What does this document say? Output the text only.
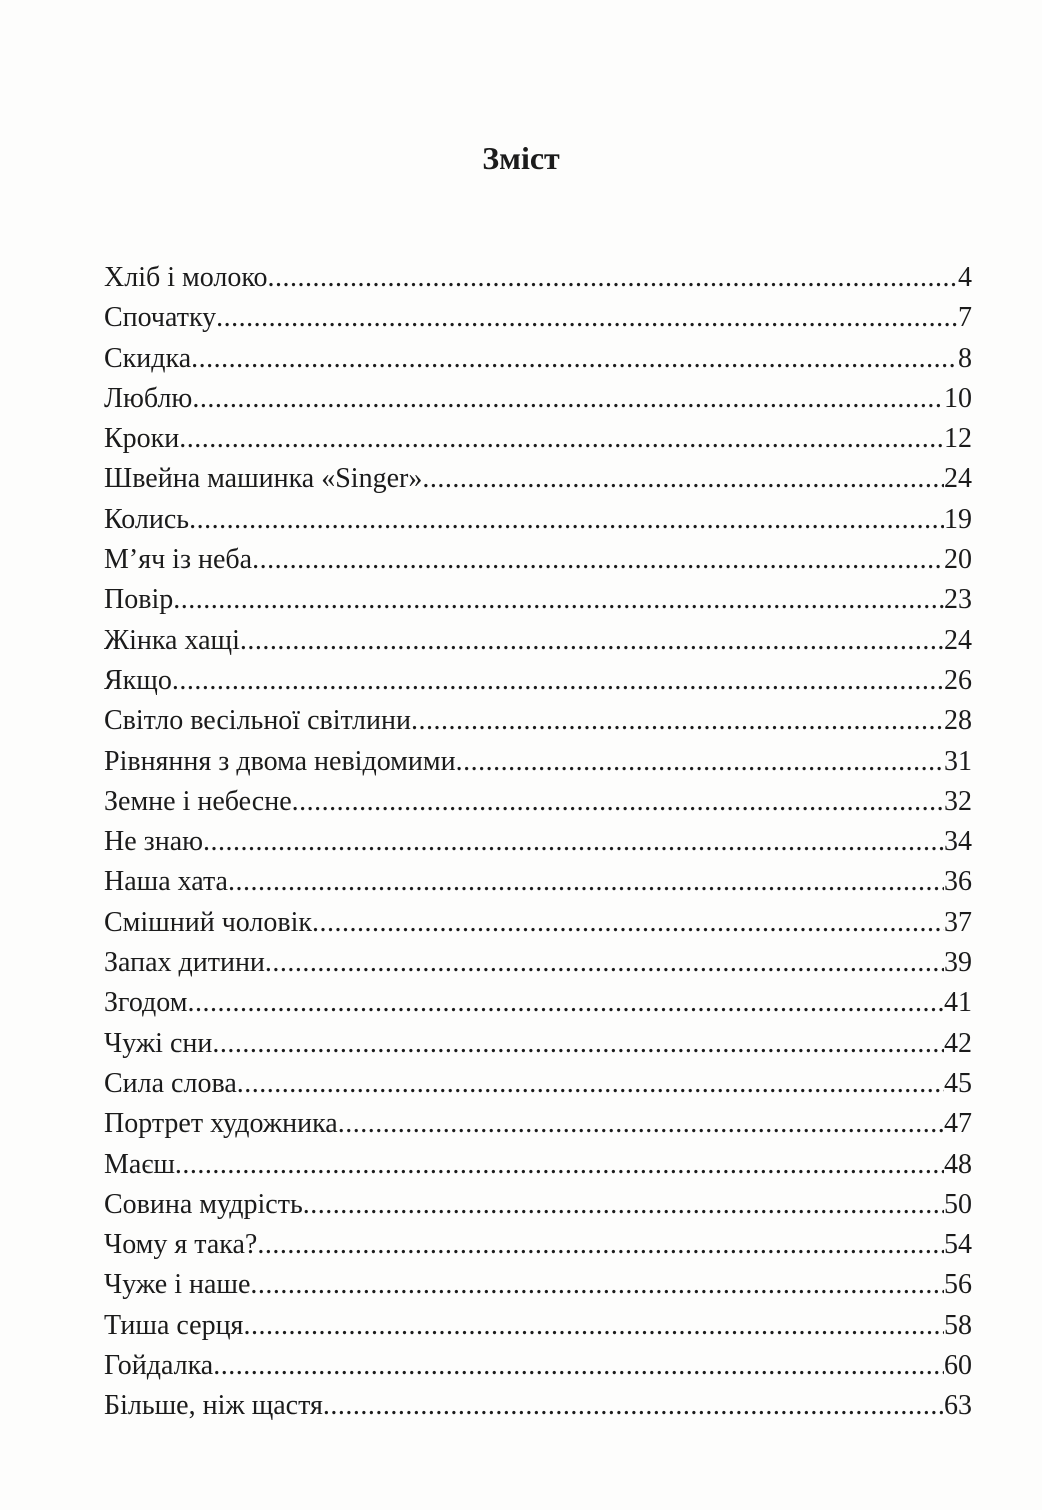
Зміст
Хліб і молоко .....	4
Спочатку .....	7
Скидка .....	8
Люблю .....	10
Кроки .....	12
Швейна машинка «Singer» .....	24
Колись .....	19
М’яч із неба .....	20
Повір .....	23
Жінка хащі .....	24
Якщо .....	26
Світло весільної світлини .....	28
Рівняння з двома невідомими .....	31
Земне і небесне .....	32
Не знаю .....	34
Наша хата .....	36
Смішний чоловік .....	37
Запах дитини .....	39
Згодом .....	41
Чужі сни .....	42
Сила слова .....	45
Портрет художника .....	47
Маєш .....	48
Совина мудрість .....	50
Чому я така? .....	54
Чуже і наше .....	56
Тиша серця .....	58
Гойдалка .....	60
Більше, ніж щастя .....	63
